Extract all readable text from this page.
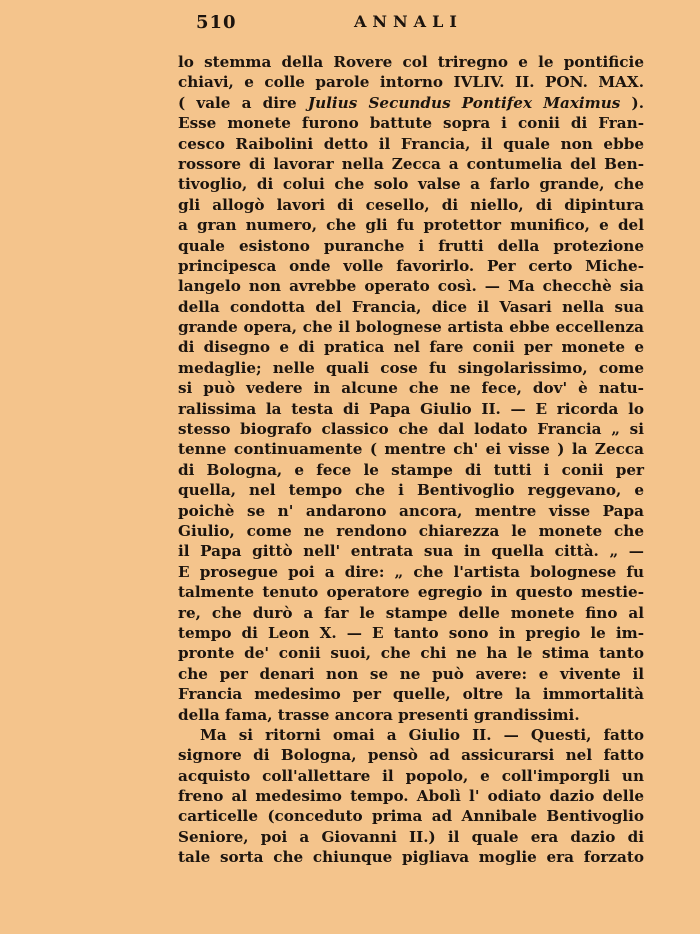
510	ANNALI
lo stemma della Rovere col triregno e le pontificie
chiavi, e colle parole intorno IVLIV. II. PON. MAX.
( vale a dire Julius Secundus Pontifex Maximus ).
Esse monete furono battute sopra i conii di Fran-
cesco Raibolini detto il Francia, il quale non ebbe
rossore di lavorar nella Zecca a contumelia del Ben-
tivoglio, di colui che solo valse a farlo grande, che
gli allogò lavori di cesello, di niello, di dipintura
a gran numero, che gli fu protettor munifico, e del
quale esistono puranche i frutti della protezione
principesca onde volle favorirlo. Per certo Miche-
langelo non avrebbe operato così. — Ma checchè sia
della condotta del Francia, dice il Vasari nella sua
grande opera, che il bolognese artista ebbe eccellenza
di disegno e di pratica nel fare conii per monete e
medaglie; nelle quali cose fu singolarissimo, come
si può vedere in alcune che ne fece, dov' è natu-
ralissima la testa di Papa Giulio II. — E ricorda lo
stesso biografo classico che dal lodato Francia „ si
tenne continuamente ( mentre ch' ei visse ) la Zecca
di Bologna, e fece le stampe di tutti i conii per
quella, nel tempo che i Bentivoglio reggevano, e
poichè se n' andarono ancora, mentre visse Papa
Giulio, come ne rendono chiarezza le monete che
il Papa gittò nell' entrata sua in quella città. „ —
E prosegue poi a dire: „ che l'artista bolognese fu
talmente tenuto operatore egregio in questo mestie-
re, che durò a far le stampe delle monete fino al
tempo di Leon X. — E tanto sono in pregio le im-
pronte de' conii suoi, che chi ne ha le stima tanto
che per denari non se ne può avere: e vivente il
Francia medesimo per quelle, oltre la immortalità
della fama, trasse ancora presenti grandissimi.
Ma si ritorni omai a Giulio II. — Questi, fatto
signore di Bologna, pensò ad assicurarsi nel fatto
acquisto coll'allettare il popolo, e coll'imporgli un
freno al medesimo tempo. Abolì l' odiato dazio delle
carticelle (conceduto prima ad Annibale Bentivoglio
Seniore, poi a Giovanni II.) il quale era dazio di
tale sorta che chiunque pigliava moglie era forzato
